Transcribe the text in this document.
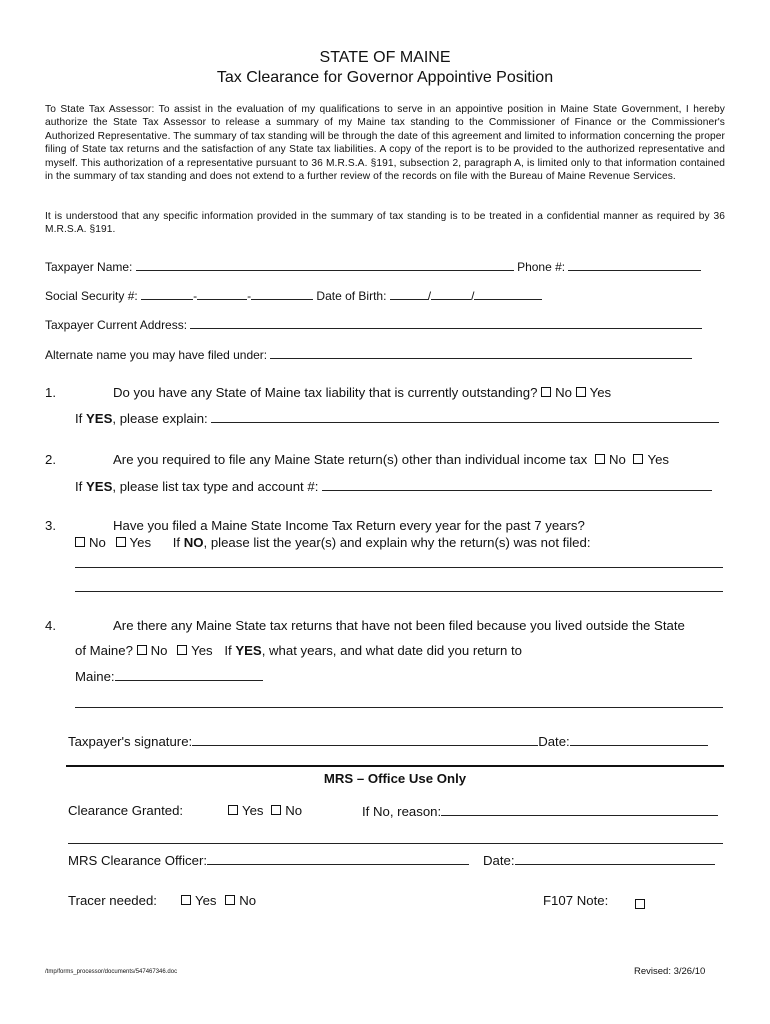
STATE OF MAINE
Tax Clearance for Governor Appointive Position
To State Tax Assessor: To assist in the evaluation of my qualifications to serve in an appointive position in Maine State Government, I hereby authorize the State Tax Assessor to release a summary of my Maine tax standing to the Commissioner of Finance or the Commissioner's Authorized Representative. The summary of tax standing will be through the date of this agreement and limited to information concerning the proper filing of State tax returns and the satisfaction of any State tax liabilities. A copy of the report is to be provided to the authorized representative and myself. This authorization of a representative pursuant to 36 M.R.S.A. §191, subsection 2, paragraph A, is limited only to that information contained in the summary of tax standing and does not extend to a further review of the records on file with the Bureau of Maine Revenue Services.
It is understood that any specific information provided in the summary of tax standing is to be treated in a confidential manner as required by 36 M.R.S.A. §191.
Taxpayer Name:	Phone #:
Social Security #:	-	-	Date of Birth:	/	/
Taxpayer Current Address:
Alternate name you may have filed under:
1.	Do you have any State of Maine tax liability that is currently outstanding? No Yes
If YES, please explain:
2.	Are you required to file any Maine State return(s) other than individual income tax No Yes
If YES, please list tax type and account #:
3.	Have you filed a Maine State Income Tax Return every year for the past 7 years?
No Yes If NO, please list the year(s) and explain why the return(s) was not filed:
4.	Are there any Maine State tax returns that have not been filed because you lived outside the State
of Maine? No Yes If YES, what years, and what date did you return to
Maine:
Taxpayer's signature:	Date:
MRS – Office Use Only
Clearance Granted:	Yes No	If No, reason:
MRS Clearance Officer:	Date:
Tracer needed:	Yes No	F107 Note:
/tmp/forms_processor/documents/547467346.doc	Revised: 3/26/10
